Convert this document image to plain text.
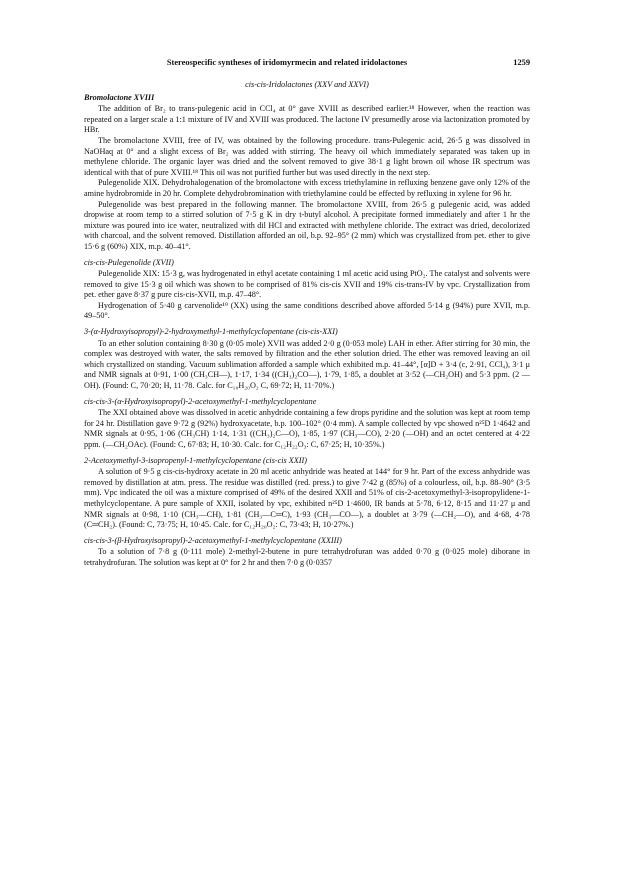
Stereospecific syntheses of iridomyrmecin and related iridolactones	1259
cis-cis-Iridolactones (XXV and XXVI)
Bromolactone XVIII

The addition of Br₂ to trans-pulegenic acid in CCl₄ at 0° gave XVIII as described earlier.¹⁸ However, when the reaction was repeated on a larger scale a 1:1 mixture of IV and XVIII was produced. The lactone IV presumedly arose via lactonization promoted by HBr.

The bromolactone XVIII, free of IV, was obtained by the following procedure. trans-Pulegenic acid, 26·5 g was dissolved in NaOHaq at 0° and a slight excess of Br₂ was added with stirring. The heavy oil which immediately separated was taken up in methylene chloride. The organic layer was dried and the solvent removed to give 38·1 g light brown oil whose IR spectrum was identical with that of pure XVIII.¹⁸ This oil was not purified further but was used directly in the next step.

Pulegenolide XIX. Dehydrohalogenation of the bromolactone with excess triethylamine in refluxing benzene gave only 12% of the amine hydrobromide in 20 hr. Complete dehydrobromination with triethylamine could be effected by refluxing in xylene for 96 hr.

Pulegenolide was best prepared in the following manner. The bromolactone XVIII, from 26·5 g pulegenic acid, was added dropwise at room temp to a stirred solution of 7·5 g K in dry t-butyl alcohol. A precipitate formed immediately and after 1 hr the mixture was poured into ice water, neutralized with dil HCl and extracted with methylene chloride. The extract was dried, decolorized with charcoal, and the solvent removed. Distillation afforded an oil, b.p. 92–95° (2 mm) which was crystallized from pet. ether to give 15·6 g (60%) XIX, m.p. 40–41°.

cis-cis-Pulegenolide (XVII)

Pulegenolide XIX: 15·3 g, was hydrogenated in ethyl acetate containing 1 ml acetic acid using PtO₂. The catalyst and solvents were removed to give 15·3 g oil which was shown to be comprised of 81% cis-cis XVII and 19% cis-trans-IV by vpc. Crystallization from pet. ether gave 8·37 g pure cis-cis-XVII, m.p. 47–48°.

Hydrogenation of 5·40 g carvenolide¹⁹ (XX) using the same conditions described above afforded 5·14 g (94%) pure XVII, m.p. 49–50°.

3-(α-Hydroxyisopropyl)-2-hydroxymethyl-1-methylcyclopentane (cis-cis-XXI)

To an ether solution containing 8·30 g (0·05 mole) XVII was added 2·0 g (0·053 mole) LAH in ether. After stirring for 30 min, the complex was destroyed with water, the salts removed by filtration and the ether solution dried. The ether was removed leaving an oil which crystallized on standing. Vacuum sublimation afforded a sample which exhibited m.p. 41–44°, [α]D + 3·4 (c, 2·91, CCl₄), 3·1 μ and NMR signals at 0·91, 1·00 (CH₃CH—), 1·17, 1·34 ((CH₃)₂CO—), 1·79, 1·85, a doublet at 3·52 (—CH₂OH) and 5·3 ppm. (2 —OH). (Found: C, 70·20; H, 11·78. Calc. for C₁₀H₂₀O₂ C, 69·72; H, 11·70%.)

cis-cis-3-(α-Hydroxyisopropyl)-2-acetoxymethyl-1-methylcyclopentane

The XXI obtained above was dissolved in acetic anhydride containing a few drops pyridine and the solution was kept at room temp for 24 hr. Distillation gave 9·72 g (92%) hydroxyacetate, b.p. 100–102° (0·4 mm). A sample collected by vpc showed n²⁵D 1·4642 and NMR signals at 0·95, 1·06 (CH₃CH) 1·14, 1·31 ((CH₃)₂C—O), 1·85, 1·97 (CH₃—CO), 2·20 (—OH) and an octet centered at 4·22 ppm. (—CH₂OAc). (Found: C, 67·83; H, 10·30. Calc. for C₁₂H₂₂O₃: C, 67·25; H, 10·35%.)

2-Acetoxymethyl-3-isopropenyl-1-methylcyclopentane (cis-cis XXII)

A solution of 9·5 g cis-cis-hydroxy acetate in 20 ml acetic anhydride was heated at 144° for 9 hr. Part of the excess anhydride was removed by distillation at atm. press. The residue was distilled (red. press.) to give 7·42 g (85%) of a colourless, oil, b.p. 88–90° (3·5 mm). Vpc indicated the oil was a mixture comprised of 49% of the desired XXII and 51% of cis-2-acetoxymethyl-3-isopropylidene-1-methylcyclopentane. A pure sample of XXII, isolated by vpc, exhibited n²⁵D 1·4600, IR bands at 5·78, 6·12, 8·15 and 11·27 μ and NMR signals at 0·98, 1·10 (CH₃—CH), 1·81 (CH₃—C═C), 1·93 (CH₃—CO—), a doublet at 3·79 (—CH₂—O), and 4·68, 4·78 (C═CH₂). (Found: C, 73·75; H, 10·45. Calc. for C₁₂H₂₀O₂: C, 73·43; H, 10·27%.)

cis-cis-3-(β-Hydroxyisopropyl)-2-acetoxymethyl-1-methylcyclopentane (XXIII)

To a solution of 7·8 g (0·111 mole) 2-methyl-2-butene in pure tetrahydrofuran was added 0·70 g (0·025 mole) diborane in tetrahydrofuran. The solution was kept at 0° for 2 hr and then 7·0 g (0·0357
